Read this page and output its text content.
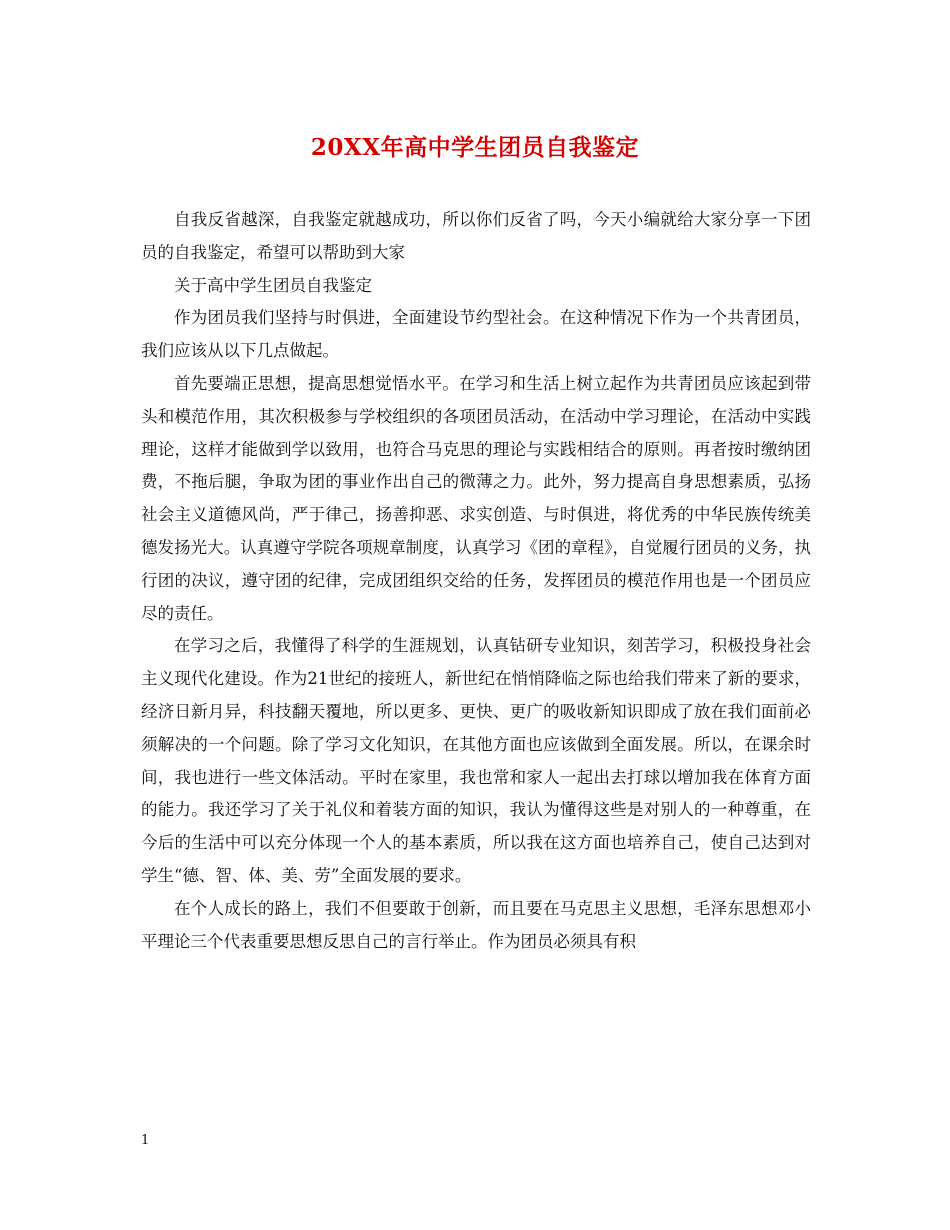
20XX年高中学生团员自我鉴定

自我反省越深，自我鉴定就越成功，所以你们反省了吗，今天小编就给大家分享一下团员的自我鉴定，希望可以帮助到大家

关于高中学生团员自我鉴定

作为团员我们坚持与时俱进，全面建设节约型社会。在这种情况下作为一个共青团员，我们应该从以下几点做起。

首先要端正思想，提高思想觉悟水平。在学习和生活上树立起作为共青团员应该起到带头和模范作用，其次积极参与学校组织的各项团员活动，在活动中学习理论，在活动中实践理论，这样才能做到学以致用，也符合马克思的理论与实践相结合的原则。再者按时缴纳团费，不拖后腿，争取为团的事业作出自己的微薄之力。此外，努力提高自身思想素质，弘扬社会主义道德风尚，严于律己，扬善抑恶、求实创造、与时俱进，将优秀的中华民族传统美德发扬光大。认真遵守学院各项规章制度，认真学习《团的章程》，自觉履行团员的义务，执行团的决议，遵守团的纪律，完成团组织交给的任务，发挥团员的模范作用也是一个团员应尽的责任。

在学习之后，我懂得了科学的生涯规划，认真钻研专业知识，刻苦学习，积极投身社会主义现代化建设。作为21世纪的接班人，新世纪在悄悄降临之际也给我们带来了新的要求，经济日新月异，科技翻天覆地，所以更多、更快、更广的吸收新知识即成了放在我们面前必须解决的一个问题。除了学习文化知识，在其他方面也应该做到全面发展。所以，在课余时间，我也进行一些文体活动。平时在家里，我也常和家人一起出去打球以增加我在体育方面的能力。我还学习了关于礼仪和着装方面的知识，我认为懂得这些是对别人的一种尊重，在今后的生活中可以充分体现一个人的基本素质，所以我在这方面也培养自己，使自己达到对学生“德、智、体、美、劳”全面发展的要求。

在个人成长的路上，我们不但要敢于创新，而且要在马克思主义思想，毛泽东思想邓小平理论三个代表重要思想反思自己的言行举止。作为团员必须具有积

1
